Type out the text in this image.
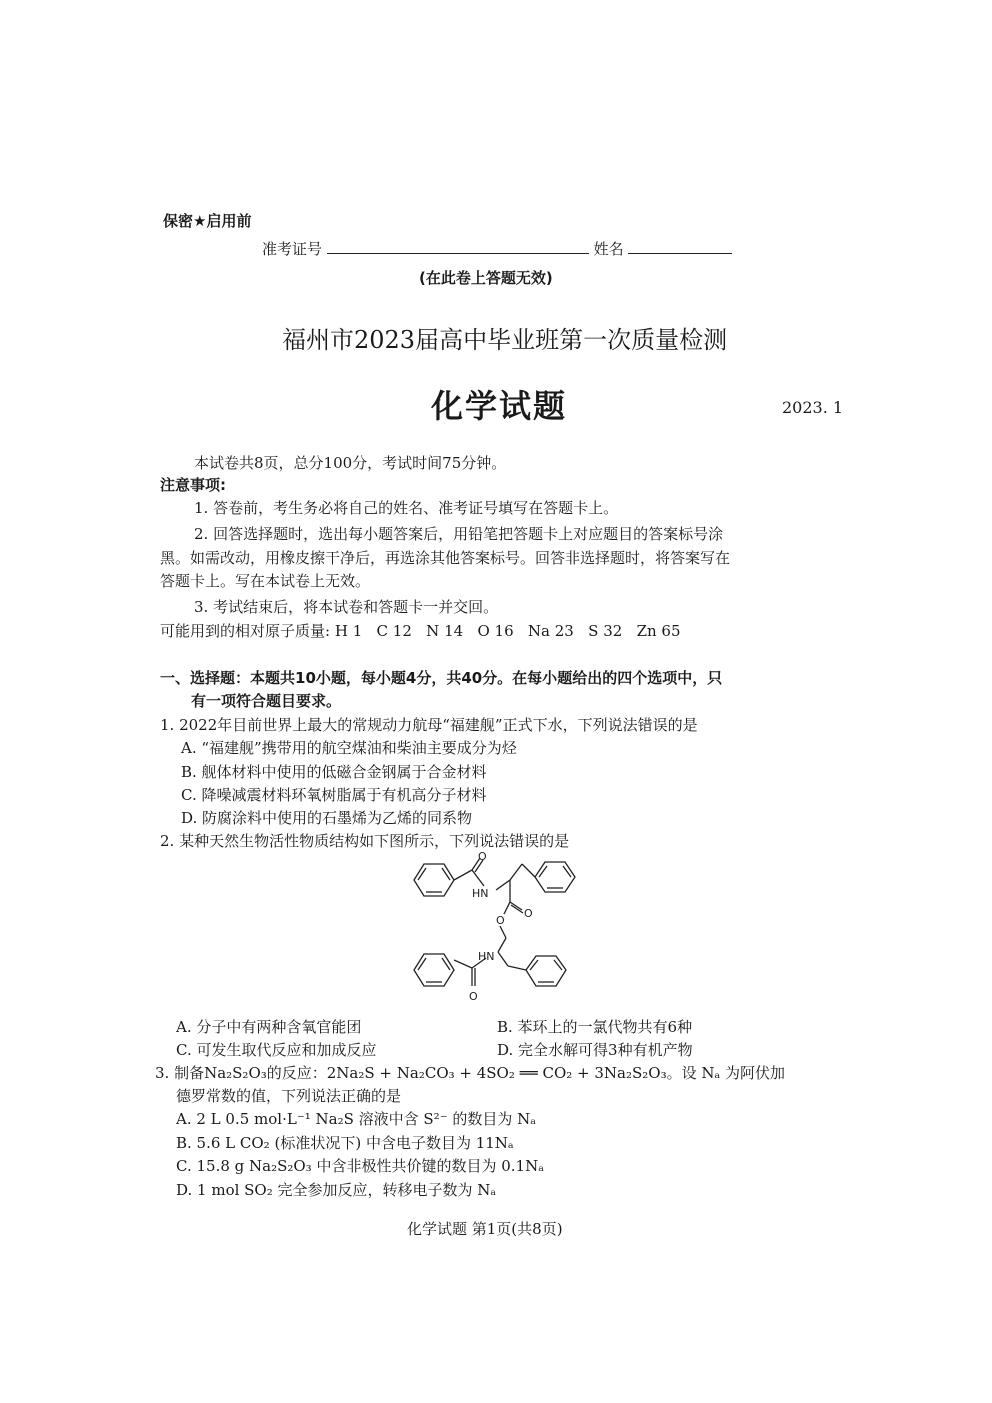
保密★启用前
准考证号	姓名
(在此卷上答题无效)
福州市2023届高中毕业班第一次质量检测
化学试题	2023. 1
本试卷共8页，总分100分，考试时间75分钟。
注意事项:
1. 答卷前，考生务必将自己的姓名、准考证号填写在答题卡上。
2. 回答选择题时，选出每小题答案后，用铅笔把答题卡上对应题目的答案标号涂
黑。如需改动，用橡皮擦干净后，再选涂其他答案标号。回答非选择题时，将答案写在
答题卡上。写在本试卷上无效。
3. 考试结束后，将本试卷和答题卡一并交回。
可能用到的相对原子质量: H 1   C 12   N 14   O 16   Na 23   S 32   Zn 65
一、选择题：本题共10小题，每小题4分，共40分。在每小题给出的四个选项中，只
有一项符合题目要求。
1. 2022年目前世界上最大的常规动力航母“福建舰”正式下水，下列说法错误的是
A. “福建舰”携带用的航空煤油和柴油主要成分为烃
B. 舰体材料中使用的低磁合金钢属于合金材料
C. 降噪减震材料环氧树脂属于有机高分子材料
D. 防腐涂料中使用的石墨烯为乙烯的同系物
2. 某种天然生物活性物质结构如下图所示，下列说法错误的是
O
HN
O
O
HN
O
A. 分子中有两种含氧官能团	B. 苯环上的一氯代物共有6种
C. 可发生取代反应和加成反应	D. 完全水解可得3种有机产物
3. 制备Na₂S₂O₃的反应：2Na₂S + Na₂CO₃ + 4SO₂ ══ CO₂ + 3Na₂S₂O₃。设 Nₐ 为阿伏加
德罗常数的值，下列说法正确的是
A. 2 L 0.5 mol·L⁻¹ Na₂S 溶液中含 S²⁻ 的数目为 Nₐ
B. 5.6 L CO₂ (标准状况下) 中含电子数目为 11Nₐ
C. 15.8 g Na₂S₂O₃ 中含非极性共价键的数目为 0.1Nₐ
D. 1 mol SO₂ 完全参加反应，转移电子数为 Nₐ
化学试题 第1页(共8页)
